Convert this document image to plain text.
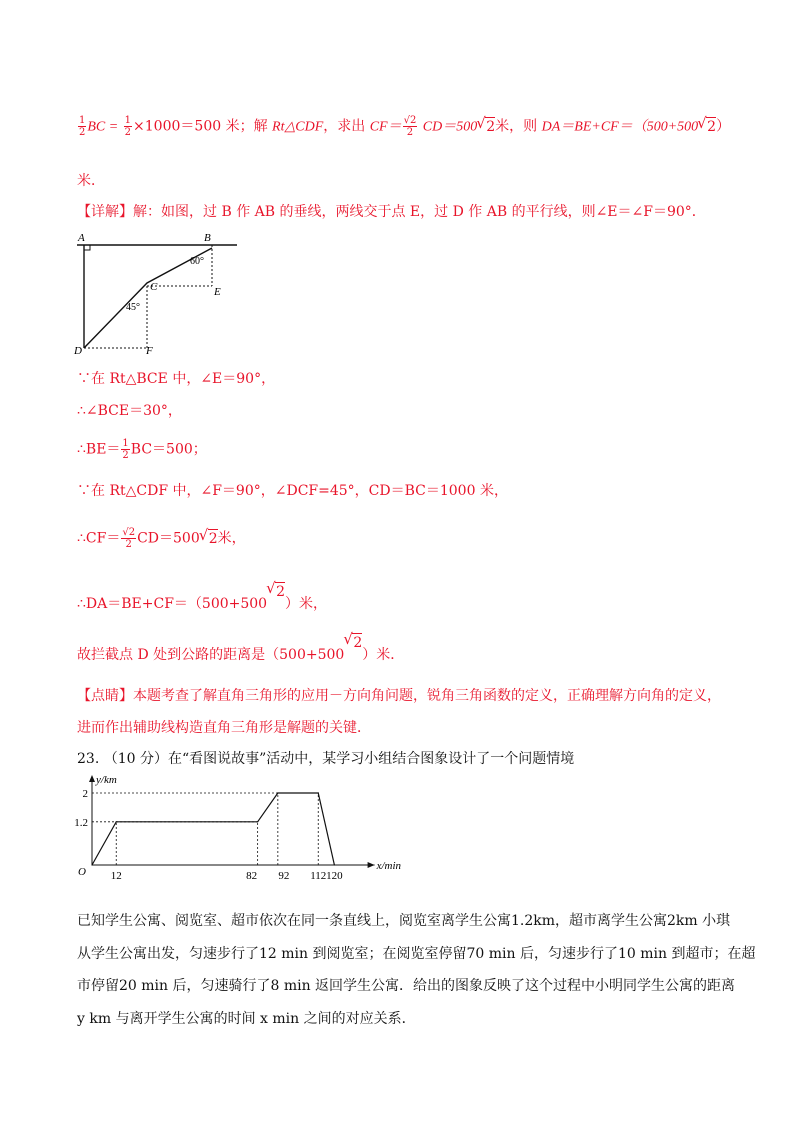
$\frac{1}{2}$ BC = $\frac{1}{2} \times 1000=500$ 米；解 Rt△CDF，求出 $CF= \frac{√2}{2} CD=500√$ 2米，则 DA＝BE+CF＝（500+500√ 2）
米．
【详解】解：如图，过 B 作 AB 的垂线，两线交于点 E，过 D 作 AB 的平行线，则∠E＝∠F＝90°．
A	B
C
D
E
F
60°
45°
∵在 Rt△BCE 中，∠E＝90°，
∴∠BCE＝30°，
∴BE＝ $\frac{1}{2} BC=500$；
∵在 Rt△CDF 中，∠F＝90°，∠DCF=45°，CD＝BC＝1000 米，
∴CF＝ $\frac{√2}{2} CD=500√$ 2米，
∴DA＝BE+CF＝（500+500√ 2）米，
故拦截点 D 处到公路的距离是（500+500√ 2）米．
【点睛】本题考查了解直角三角形的应用－方向角问题，锐角三角函数的定义，正确理解方向角的定义，
进而作出辅助线构造直角三角形是解题的关键．
23. （10 分）在“看图说故事”活动中，某学习小组结合图象设计了一个问题情境
y/km
x/min
O
1.2
2
12	82 92 112 120
已知学生公寓、阅览室、超市依次在同一条直线上，阅览室离学生公寓1.2km，超市离学生公寓2km 小琪
从学生公寓出发，匀速步行了12 min 到阅览室；在阅览室停留70 min 后，匀速步行了10 min 到超市；在超
市停留20 min 后，匀速骑行了8 min 返回学生公寓．给出的图象反映了这个过程中小明同学生公寓的距离
y km 与离开学生公寓的时间 x min 之间的对应关系．
